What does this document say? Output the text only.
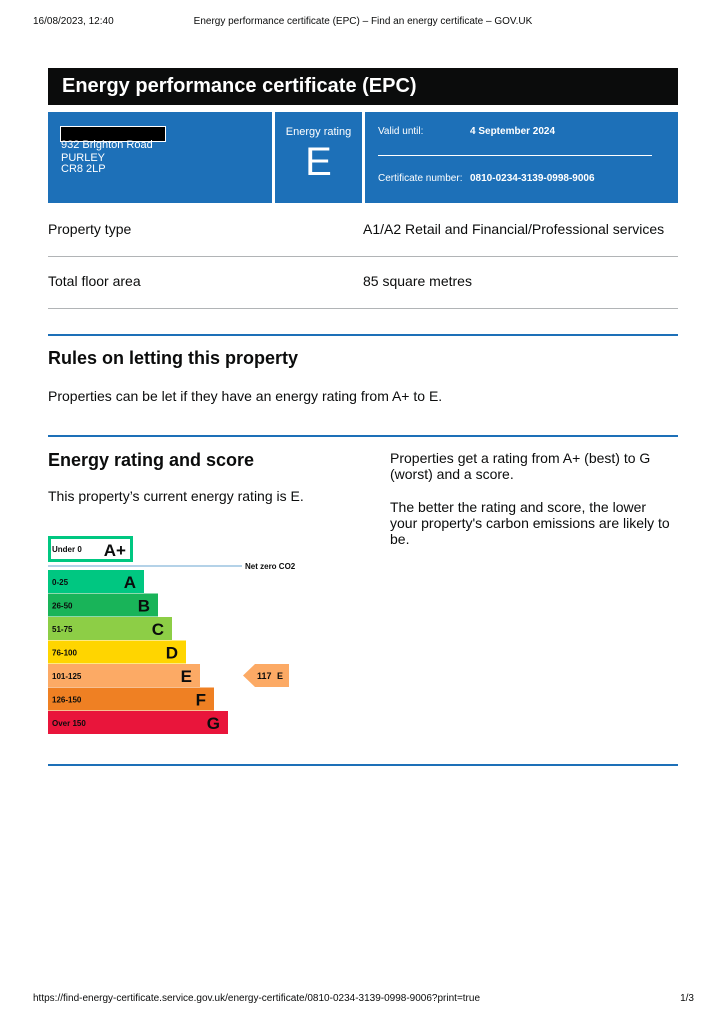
16/08/2023, 12:40	Energy performance certificate (EPC) – Find an energy certificate – GOV.UK
Energy performance certificate (EPC)
932 Brighton Road
PURLEY
CR8 2LP
Energy rating
E
Valid until:	4 September 2024
Certificate number: 0810-0234-3139-0998-9006
Property type	A1/A2 Retail and Financial/Professional services
Total floor area	85 square metres
Rules on letting this property
Properties can be let if they have an energy rating from A+ to E.
Energy rating and score
This property’s current energy rating is E.
Properties get a rating from A+ (best) to G (worst) and a score.
The better the rating and score, the lower your property's carbon emissions are likely to be.
Under 0 A+
Net zero CO2
0-25	A
26-50	B
51-75	C
76-100	D
101-125	E
126-150	F
Over 150	G
117 E
https://find-energy-certificate.service.gov.uk/energy-certificate/0810-0234-3139-0998-9006?print=true	1/3
